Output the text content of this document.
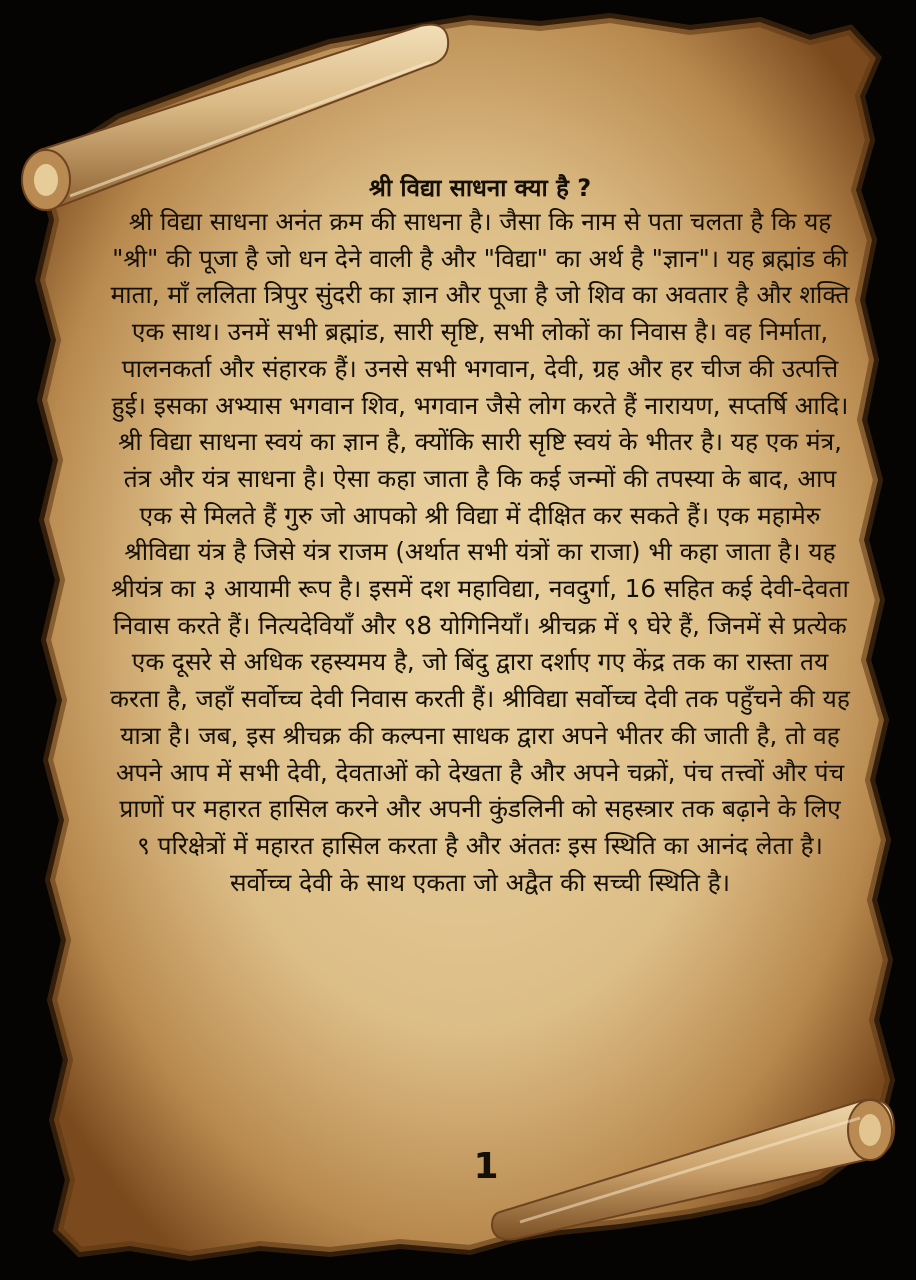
श्री विद्या साधना क्या है ?

श्री विद्या साधना अनंत क्रम की साधना है। जैसा कि नाम से पता चलता है कि यह "श्री" की पूजा है जो धन देने वाली है और "विद्या" का अर्थ है "ज्ञान"। यह ब्रह्मांड की माता, माँ ललिता त्रिपुर सुंदरी का ज्ञान और पूजा है जो शिव का अवतार है और शक्ति एक साथ। उनमें सभी ब्रह्मांड, सारी सृष्टि, सभी लोकों का निवास है। वह निर्माता, पालनकर्ता और संहारक हैं। उनसे सभी भगवान, देवी, ग्रह और हर चीज की उत्पत्ति हुई। इसका अभ्यास भगवान शिव, भगवान जैसे लोग करते हैं नारायण, सप्तर्षि आदि। श्री विद्या साधना स्वयं का ज्ञान है, क्योंकि सारी सृष्टि स्वयं के भीतर है। यह एक मंत्र, तंत्र और यंत्र साधना है। ऐसा कहा जाता है कि कई जन्मों की तपस्या के बाद, आप एक से मिलते हैं गुरु जो आपको श्री विद्या में दीक्षित कर सकते हैं। एक महामेरु श्रीविद्या यंत्र है जिसे यंत्र राजम (अर्थात सभी यंत्रों का राजा) भी कहा जाता है। यह श्रीयंत्र का ३ आयामी रूप है। इसमें दश महाविद्या, नवदुर्गा, 16 सहित कई देवी-देवता निवास करते हैं। नित्यदेवियाँ और ९8 योगिनियाँ। श्रीचक्र में ९ घेरे हैं, जिनमें से प्रत्येक एक दूसरे से अधिक रहस्यमय है, जो बिंदु द्वारा दर्शाए गए केंद्र तक का रास्ता तय करता है, जहाँ सर्वोच्च देवी निवास करती हैं। श्रीविद्या सर्वोच्च देवी तक पहुँचने की यह यात्रा है। जब, इस श्रीचक्र की कल्पना साधक द्वारा अपने भीतर की जाती है, तो वह अपने आप में सभी देवी, देवताओं को देखता है और अपने चक्रों, पंच तत्त्वों और पंच प्राणों पर महारत हासिल करने और अपनी कुंडलिनी को सहस्त्रार तक बढ़ाने के लिए ९ परिक्षेत्रों में महारत हासिल करता है और अंततः इस स्थिति का आनंद लेता है। सर्वोच्च देवी के साथ एकता जो अद्वैत की सच्ची स्थिति है।

1
